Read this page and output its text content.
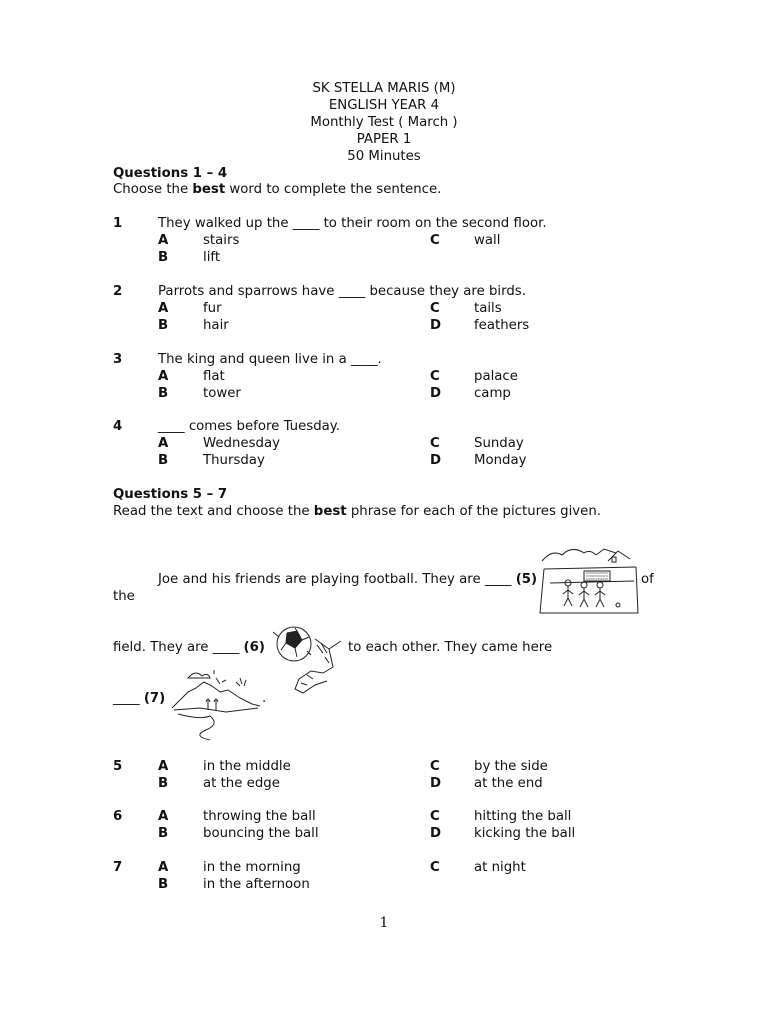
SK STELLA MARIS (M)
ENGLISH YEAR 4
Monthly Test ( March )
PAPER 1
50 Minutes
Questions 1 – 4
Choose the best word to complete the sentence.
1	They walked up the ____ to their room on the second floor.
A	stairs	C	wall
B	lift
2	Parrots and sparrows have ____ because they are birds.
A	fur	C	tails
B	hair	D feathers
3	The king and queen live in a ____.
A	flat	C	palace
B	tower	D camp
4	____ comes before Tuesday.
A	Wednesday	C	Sunday
B	Thursday	D Monday
Questions 5 – 7
Read the text and choose the best phrase for each of the pictures given.
Joe and his friends are playing football. They are ____ (5)	of
the
field. They are ____ (6)	to each other. They came here
____ (7)	.
5	A	in the middle	C	by the side
B	at the edge	D at the end
6	A	throwing the ball	C	hitting the ball
B	bouncing the ball	D kicking the ball
7	A	in the morning	C	at night
B	in the afternoon
1
